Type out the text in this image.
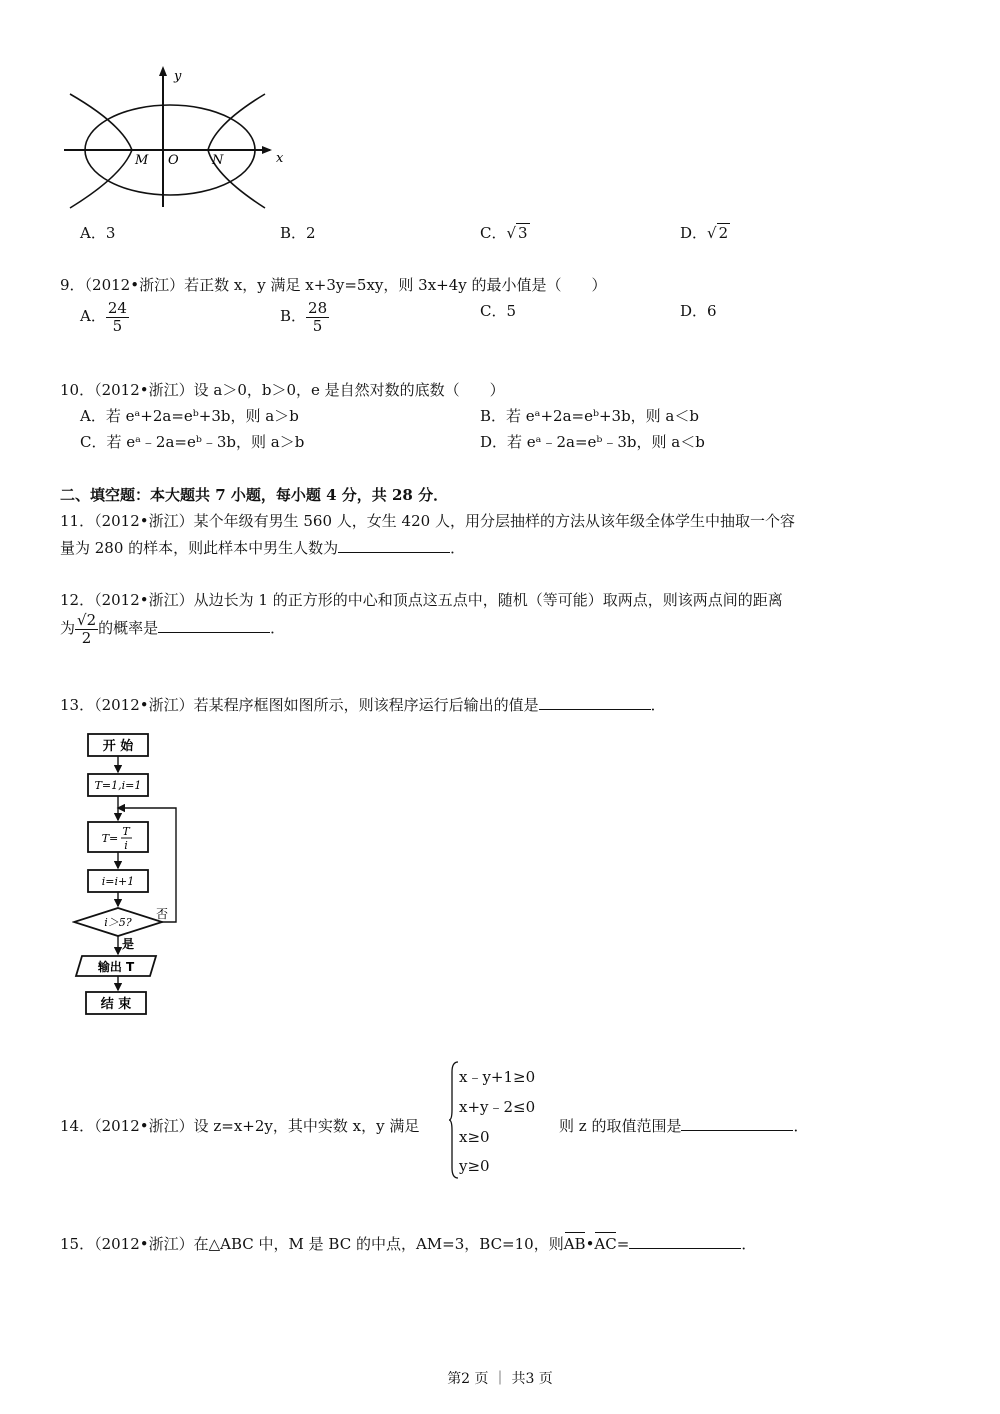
y
x
O
M	N
A．3	B．2	C．√ 3	D．√ 2
9．（2012•浙江）若正数 x，y 满足 x+3y=5xy，则 3x+4y 的最小值是（　　）
A． $\frac{24}{5}$	B． $\frac{28}{5}$	C．5	D．6
10．（2012•浙江）设 a＞0，b＞0，e 是自然对数的底数（　　）
A．若 eᵃ+2a=eᵇ+3b，则 a＞b	B．若 eᵃ+2a=eᵇ+3b，则 a＜b
C．若 eᵃ﹣2a=eᵇ﹣3b，则 a＞b	D．若 eᵃ﹣2a=eᵇ﹣3b，则 a＜b
二、填空题：本大题共 7 小题，每小题 4 分，共 28 分．
11．（2012•浙江）某个年级有男生 560 人，女生 420 人，用分层抽样的方法从该年级全体学生中抽取一个容
量为 280 的样本，则此样本中男生人数为	．
12．（2012•浙江）从边长为 1 的正方形的中心和顶点这五点中，随机（等可能）取两点，则该两点间的距离
为 $\frac{√2}{2}$ 的概率是	．
13．（2012•浙江）若某程序框图如图所示，则该程序运行后输出的值是	．
开 始
T=1,i=1
T=
T
i
i=i+1
i＞5?
否
是
输出 T
结 束
14．（2012•浙江）设 z=x+2y，其中实数 x，y 满足
x﹣y+1≥0
x+y﹣2≤0
x≥0
y≥0
则 z 的取值范围是	．
15．（2012•浙江）在△ABC 中，M 是 BC 的中点，AM=3，BC=10，则AB•AC=	．
第2 页 ｜ 共3 页
